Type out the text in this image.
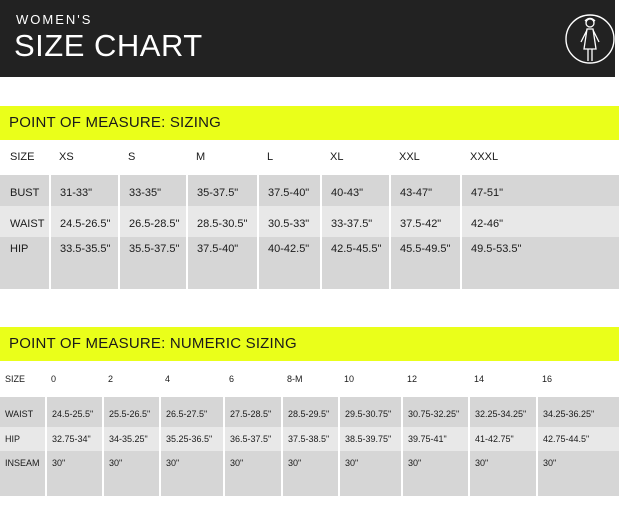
WOMEN'S
SIZE CHART
POINT OF MEASURE: SIZING
SIZE	XS	S	M	L	XL	XXL	XXXL
BUST	31-33"	33-35"	35-37.5"	37.5-40"	40-43"	43-47"	47-51"
WAIST	24.5-26.5"	26.5-28.5"	28.5-30.5"	30.5-33"	33-37.5"	37.5-42"	42-46"
HIP	33.5-35.5"	35.5-37.5"	37.5-40"	40-42.5"	42.5-45.5"	45.5-49.5"	49.5-53.5"
POINT OF MEASURE: NUMERIC SIZING
SIZE	0	2	4	6	8-M	10	12	14	16
WAIST	24.5-25.5"	25.5-26.5"	26.5-27.5"	27.5-28.5"	28.5-29.5"	29.5-30.75"	30.75-32.25"	32.25-34.25"	34.25-36.25"
HIP	32.75-34"	34-35.25"	35.25-36.5"	36.5-37.5"	37.5-38.5"	38.5-39.75"	39.75-41"	41-42.75"	42.75-44.5"
INSEAM	30"	30"	30"	30"	30"	30"	30"	30"	30"
